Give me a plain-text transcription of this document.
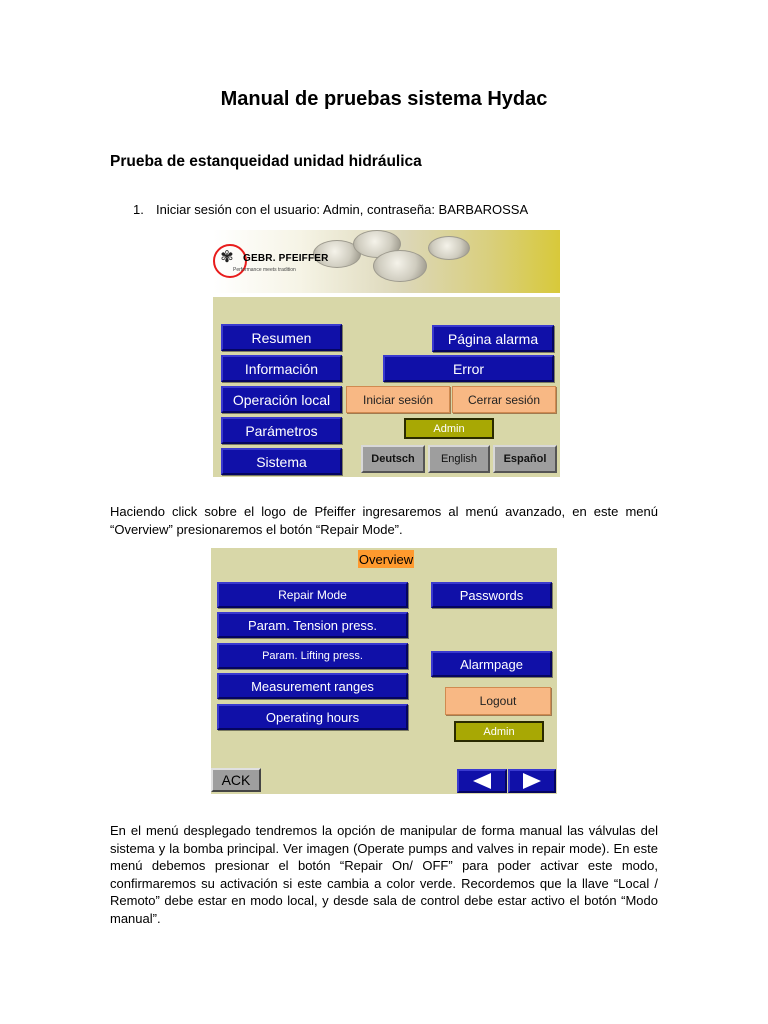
Manual de pruebas sistema Hydac
Prueba de estanqueidad unidad hidráulica
1. Iniciar sesión con el usuario: Admin, contraseña: BARBAROSSA
✾ GEBR. PFEIFFER
Performance meets tradition
Resumen
Información
Operación local
Parámetros
Sistema
Página alarma
Error
Iniciar sesión	Cerrar sesión
Admin
Deutsch	English	Español
Haciendo click sobre el logo de Pfeiffer ingresaremos al menú avanzado, en este menú “Overview” presionaremos el botón “Repair Mode”.
Overview
Repair Mode
Param. Tension press.
Param. Lifting press.
Measurement ranges
Operating hours
Passwords
Alarmpage
Logout
Admin
ACK
En el menú desplegado tendremos la opción de manipular de forma manual las válvulas del sistema y la bomba principal. Ver imagen (Operate pumps and valves in repair mode). En este menú debemos presionar el botón “Repair On/ OFF” para poder activar este modo, confirmaremos su activación si este cambia a color verde. Recordemos que la llave “Local / Remoto” debe estar en modo local, y desde sala de control debe estar activo el botón “Modo manual”.
